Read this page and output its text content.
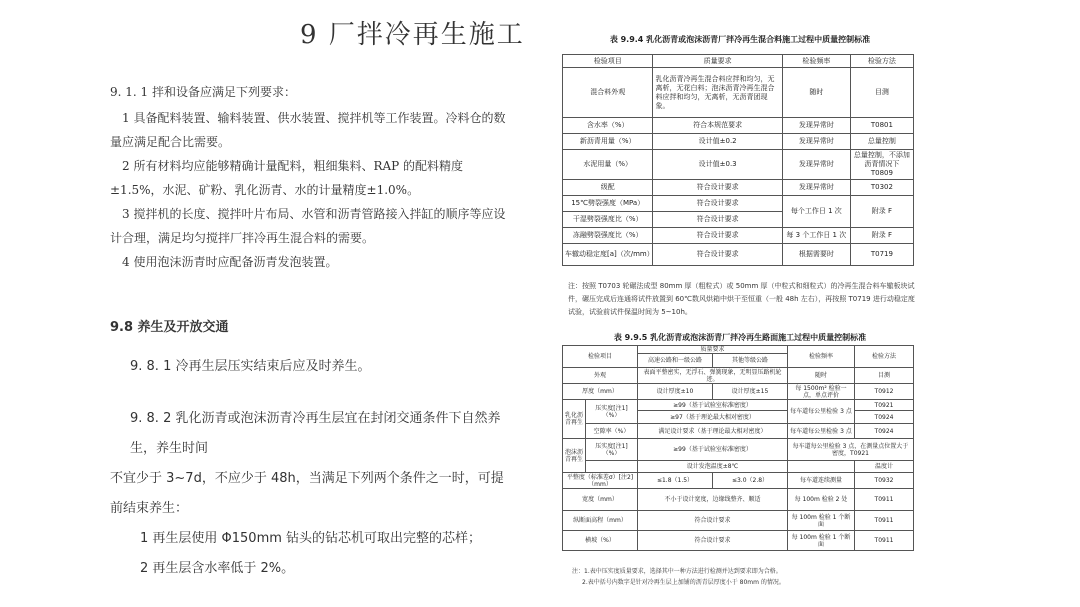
9 厂拌冷再生施工

9. 1. 1 拌和设备应满足下列要求：

1 具备配料装置、输料装置、供水装置、搅拌机等工作装置。冷料仓的数量应满足配合比需要。

2 所有材料均应能够精确计量配料，粗细集料、RAP 的配料精度±1.5%，水泥、矿粉、乳化沥青、水的计量精度±1.0%。

3 搅拌机的长度、搅拌叶片布局、水管和沥青管路接入拌缸的顺序等应设计合理，满足均匀搅拌厂拌冷再生混合料的需要。

4 使用泡沫沥青时应配备沥青发泡装置。

9.8 养生及开放交通

9. 8. 1 冷再生层压实结束后应及时养生。

9. 8. 2 乳化沥青或泡沫沥青冷再生层宜在封闭交通条件下自然养生，养生时间

不宜少于 3~7d，不应少于 48h，当满足下列两个条件之一时，可提前结束养生：

1 再生层使用 Φ150mm 钻头的钻芯机可取出完整的芯样；

2 再生层含水率低于 2%。

表 9.9.4 乳化沥青或泡沫沥青厂拌冷再生混合料施工过程中质量控制标准
检验项目	质量要求	检验频率	检验方法
混合料外观	乳化沥青冷再生混合料应拌和均匀，无离析，无花白料；泡沫沥青冷再生混合料应拌和均匀，无离析，无沥青团现象。	随时	目测
含水率（%）	符合本规范要求	发现异常时	T0801
新沥青用量（%）	设计值±0.2	发现异常时	总量控制
水泥用量（%）	设计值±0.3	发现异常时	总量控制，不添加沥青情况下 T0809
级配	符合设计要求	发现异常时	T0302
15℃劈裂强度（MPa）	符合设计要求	每个工作日 1 次	附录 F
干湿劈裂强度比（%）	符合设计要求		
冻融劈裂强度比（%）	符合设计要求	每 3 个工作日 1 次	附录 F
车辙动稳定度[a]（次/mm）	符合设计要求	根据需要时	T0719
注：按照 T0703 轮碾法成型 80mm 厚（粗粒式）或 50mm 厚（中粒式和细粒式）的冷再生混合料车辙板块试件，碾压完成后连通将试件放置到 60℃数风烘箱中烘干至恒重（一般 48h 左右），再按照 T0719 进行动稳定度试验，试验前试件保温时间为 5~10h。
表 9.9.5 乳化沥青或泡沫沥青厂拌冷再生路面施工过程中质量控制标准
检验项目		质量要求		检验频率	检验方法
		高速公路和一级公路	其他等级公路		
外观		表面平整密实，无浮石、弹簧现象，无明显压路机轮迹。		随时	目测
厚度（mm）		设计厚度±10	设计厚度±15	每 1500m² 检验一点，单点评价	T0912
乳化沥青再生	压实度[注1]（%）	≥99（基于试验室标准密度）		每车道每公里检验 3 点	T0921
		≥97（基于理论最大相对密度）			T0924
	空隙率（%）	满足设计要求（基于理论最大相对密度）		每车道每公里检验 3 点	T0924
泡沫沥青再生	压实度[注1]（%）	≥99（基于试验室标准密度）		每车道每公里检验 3 点，在测量点位置大于密度，T0921	
		设计发泡温度±8℃			温度计
平整度（标准差σ）[注2]（mm）		≤1.8（1.5）	≤3.0（2.8）	每车道连续测量	T0932
宽度（mm）		不小于设计宽度，边缘线整齐、顺适		每 100m 检验 2 处	T0911
纵断面高程（mm）		符合设计要求		每 100m 检验 1 个断面	T0911
横坡（%）		符合设计要求		每 100m 检验 1 个断面	T0911
注：1.表中压实度质量要求，选择其中一种方法进行检测并达到要求即为合格。
2.表中括号内数字是针对冷再生层上加铺的沥青层厚度小于 80mm 的情况。
